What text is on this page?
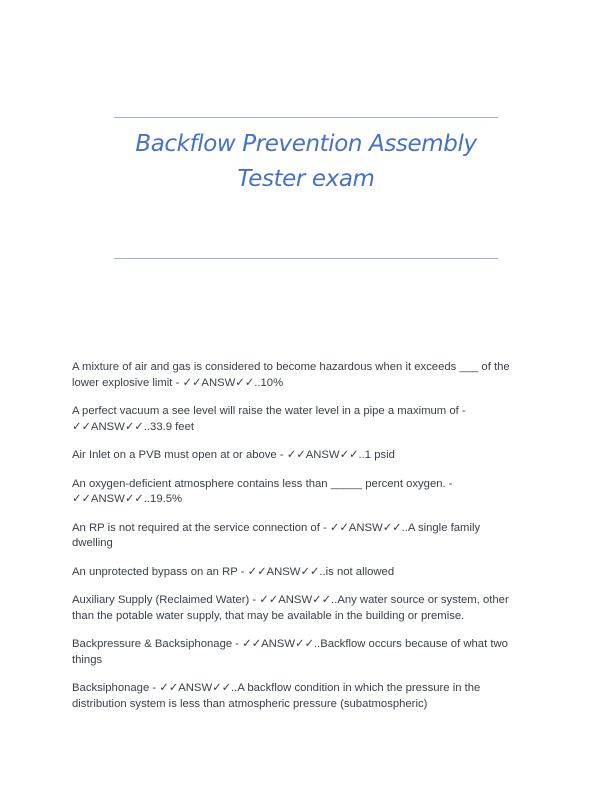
Backflow Prevention Assembly
Tester exam
A mixture of air and gas is considered to become hazardous when it exceeds ___ of the
lower explosive limit - ✓✓ANSW✓✓..10%
A perfect vacuum a see level will raise the water level in a pipe a maximum of -
✓✓ANSW✓✓..33.9 feet
Air Inlet on a PVB must open at or above - ✓✓ANSW✓✓..1 psid
An oxygen-deficient atmosphere contains less than _____ percent oxygen. -
✓✓ANSW✓✓..19.5%
An RP is not required at the service connection of - ✓✓ANSW✓✓..A single family
dwelling
An unprotected bypass on an RP - ✓✓ANSW✓✓..is not allowed
Auxiliary Supply (Reclaimed Water) - ✓✓ANSW✓✓..Any water source or system, other
than the potable water supply, that may be available in the building or premise.
Backpressure & Backsiphonage - ✓✓ANSW✓✓..Backflow occurs because of what two
things
Backsiphonage - ✓✓ANSW✓✓..A backflow condition in which the pressure in the
distribution system is less than atmospheric pressure (subatmospheric)
